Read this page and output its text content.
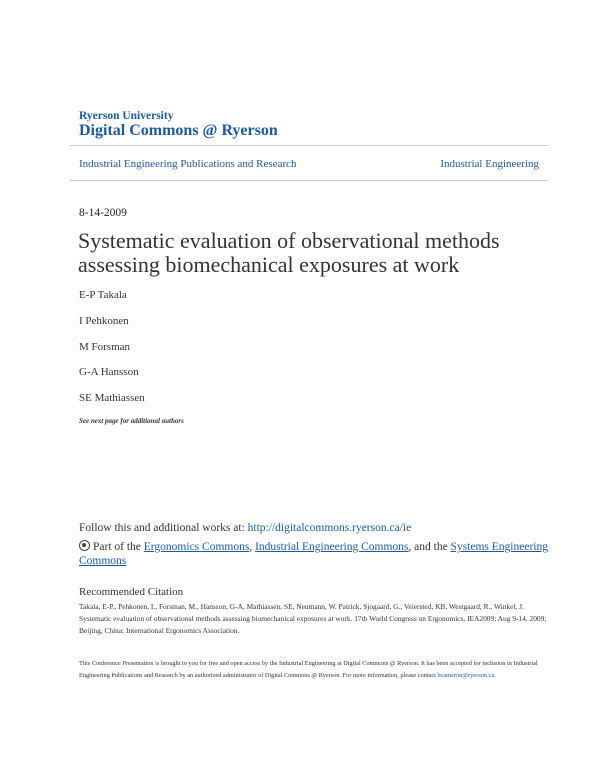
Ryerson University
Digital Commons @ Ryerson
Industrial Engineering Publications and Research	Industrial Engineering
8-14-2009
Systematic evaluation of observational methods assessing biomechanical exposures at work
E-P Takala
I Pehkonen
M Forsman
G-A Hansson
SE Mathiassen
See next page for additional authors
Follow this and additional works at: http://digitalcommons.ryerson.ca/ie
Part of the Ergonomics Commons, Industrial Engineering Commons, and the Systems Engineering Commons
Recommended Citation
Takala, E-P., Pehkonen, I., Forsman, M., Hansson, G-A, Mathiassen, SE, Neumann, W. Patrick, Sjogaard, G., Veiersted, KB, Westgaard, R., Winkel, J. Systematic evaluation of observational methods assessing biomechanical exposures at work. 17th World Congress on Ergonomics, IEA2009; Aug 9-14, 2009; Beijing, China: International Ergonomics Association.
This Conference Presentation is brought to you for free and open access by the Industrial Engineering at Digital Commons @ Ryerson. It has been accepted for inclusion in Industrial Engineering Publications and Research by an authorized administrator of Digital Commons @ Ryerson. For more information, please contact bcameron@ryerson.ca.
